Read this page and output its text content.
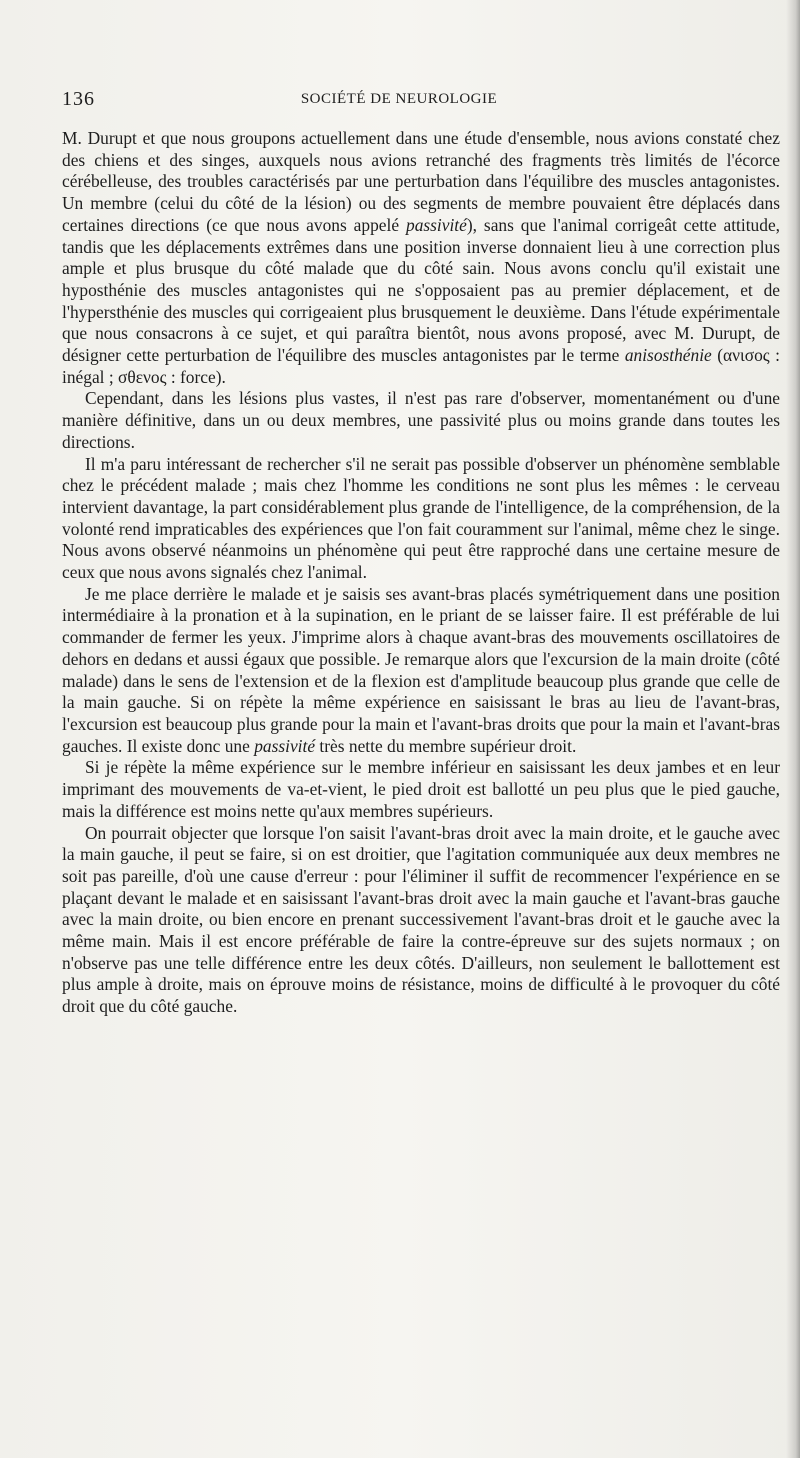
136	SOCIÉTÉ DE NEUROLOGIE

M. Durupt et que nous groupons actuellement dans une étude d'ensemble, nous avions constaté chez des chiens et des singes, auxquels nous avions retranché des fragments très limités de l'écorce cérébelleuse, des troubles caractérisés par une perturbation dans l'équilibre des muscles antagonistes. Un membre (celui du côté de la lésion) ou des segments de membre pouvaient être déplacés dans certaines directions (ce que nous avons appelé passivité), sans que l'animal corrigeât cette attitude, tandis que les déplacements extrêmes dans une position inverse donnaient lieu à une correction plus ample et plus brusque du côté malade que du côté sain. Nous avons conclu qu'il existait une hyposthénie des muscles antagonistes qui ne s'opposaient pas au premier déplacement, et de l'hypersthénie des muscles qui corrigeaient plus brusquement le deuxième. Dans l'étude expérimentale que nous consacrons à ce sujet, et qui paraîtra bientôt, nous avons proposé, avec M. Durupt, de désigner cette perturbation de l'équilibre des muscles antagonistes par le terme anisosthénie (ανισος : inégal ; σθενος : force).

Cependant, dans les lésions plus vastes, il n'est pas rare d'observer, momentanément ou d'une manière définitive, dans un ou deux membres, une passivité plus ou moins grande dans toutes les directions.

Il m'a paru intéressant de rechercher s'il ne serait pas possible d'observer un phénomène semblable chez le précédent malade ; mais chez l'homme les conditions ne sont plus les mêmes : le cerveau intervient davantage, la part considérablement plus grande de l'intelligence, de la compréhension, de la volonté rend impraticables des expériences que l'on fait couramment sur l'animal, même chez le singe. Nous avons observé néanmoins un phénomène qui peut être rapproché dans une certaine mesure de ceux que nous avons signalés chez l'animal.

Je me place derrière le malade et je saisis ses avant-bras placés symétriquement dans une position intermédiaire à la pronation et à la supination, en le priant de se laisser faire. Il est préférable de lui commander de fermer les yeux. J'imprime alors à chaque avant-bras des mouvements oscillatoires de dehors en dedans et aussi égaux que possible. Je remarque alors que l'excursion de la main droite (côté malade) dans le sens de l'extension et de la flexion est d'amplitude beaucoup plus grande que celle de la main gauche. Si on répète la même expérience en saisissant le bras au lieu de l'avant-bras, l'excursion est beaucoup plus grande pour la main et l'avant-bras droits que pour la main et l'avant-bras gauches. Il existe donc une passivité très nette du membre supérieur droit.

Si je répète la même expérience sur le membre inférieur en saisissant les deux jambes et en leur imprimant des mouvements de va-et-vient, le pied droit est ballotté un peu plus que le pied gauche, mais la différence est moins nette qu'aux membres supérieurs.

On pourrait objecter que lorsque l'on saisit l'avant-bras droit avec la main droite, et le gauche avec la main gauche, il peut se faire, si on est droitier, que l'agitation communiquée aux deux membres ne soit pas pareille, d'où une cause d'erreur : pour l'éliminer il suffit de recommencer l'expérience en se plaçant devant le malade et en saisissant l'avant-bras droit avec la main gauche et l'avant-bras gauche avec la main droite, ou bien encore en prenant successivement l'avant-bras droit et le gauche avec la même main. Mais il est encore préférable de faire la contre-épreuve sur des sujets normaux ; on n'observe pas une telle différence entre les deux côtés. D'ailleurs, non seulement le ballottement est plus ample à droite, mais on éprouve moins de résistance, moins de difficulté à le provoquer du côté droit que du côté gauche.
